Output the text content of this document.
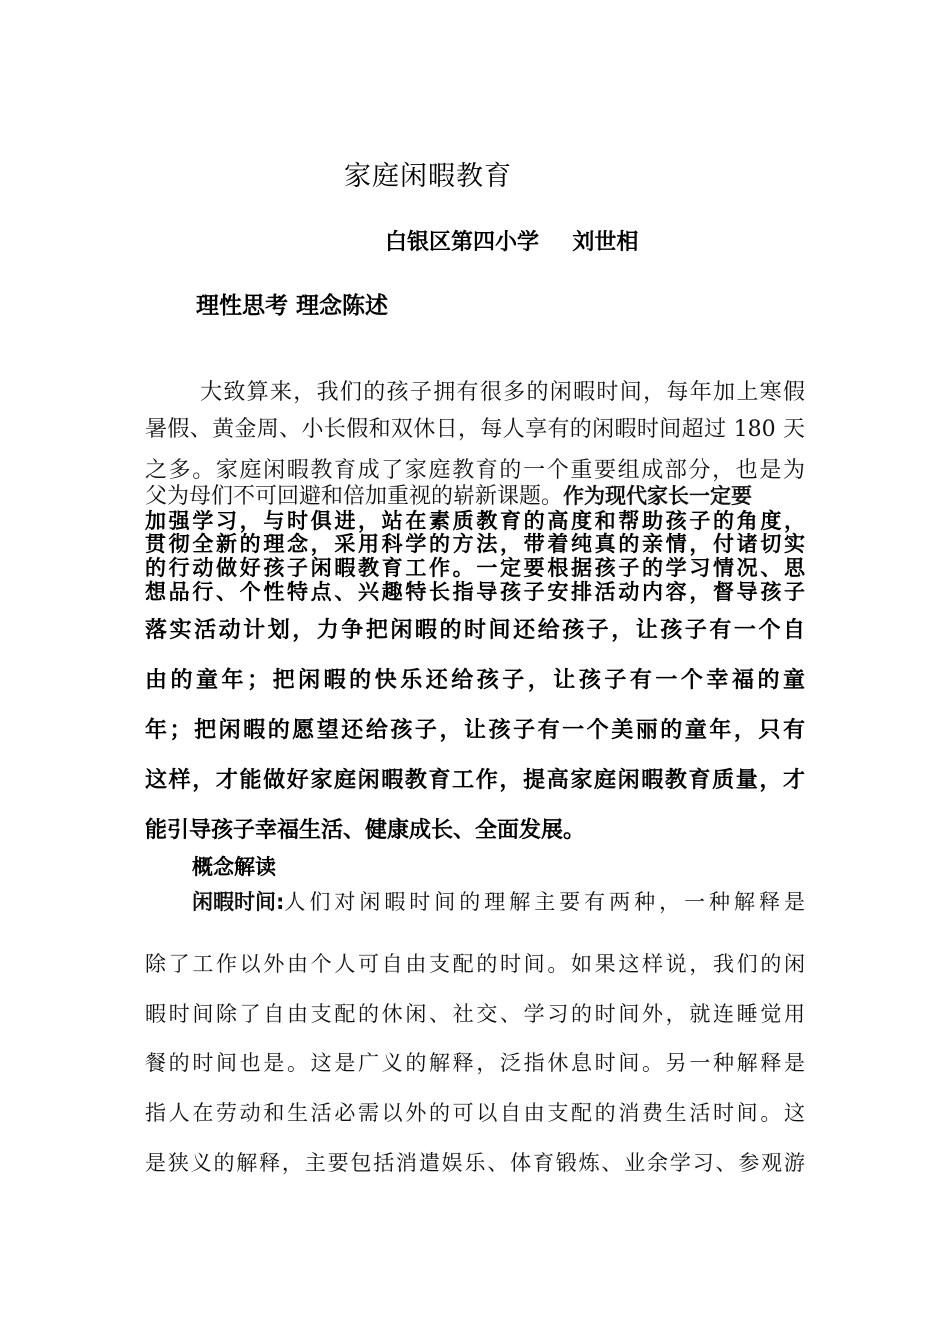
家庭闲暇教育
白银区第四小学 刘世相
理性思考 理念陈述

大致算来，我们的孩子拥有很多的闲暇时间，每年加上寒假

暑假、黄金周、小长假和双休日，每人享有的闲暇时间超过 180 天

之多。家庭闲暇教育成了家庭教育的一个重要组成部分，也是为

父为母们不可回避和倍加重视的崭新课题。作为现代家长一定要

加强学习，与时俱进，站在素质教育的高度和帮助孩子的角度，

贯彻全新的理念，采用科学的方法，带着纯真的亲情，付诸切实

的行动做好孩子闲暇教育工作。一定要根据孩子的学习情况、思

想品行、个性特点、兴趣特长指导孩子安排活动内容，督导孩子

落实活动计划，力争把闲暇的时间还给孩子，让孩子有一个自

由的童年；把闲暇的快乐还给孩子，让孩子有一个幸福的童

年；把闲暇的愿望还给孩子，让孩子有一个美丽的童年，只有

这样，才能做好家庭闲暇教育工作，提高家庭闲暇教育质量，才

能引导孩子幸福生活、健康成长、全面发展。

概念解读

闲暇时间: 人们对闲暇时间的理解主要有两种，一种解释是

除了工作以外由个人可自由支配的时间。如果这样说，我们的闲

暇时间除了自由支配的休闲、社交、学习的时间外，就连睡觉用

餐的时间也是。这是广义的解释，泛指休息时间。另一种解释是

指人在劳动和生活必需以外的可以自由支配的消费生活时间。这

是狭义的解释，主要包括消遣娱乐、体育锻炼、业余学习、参观游
